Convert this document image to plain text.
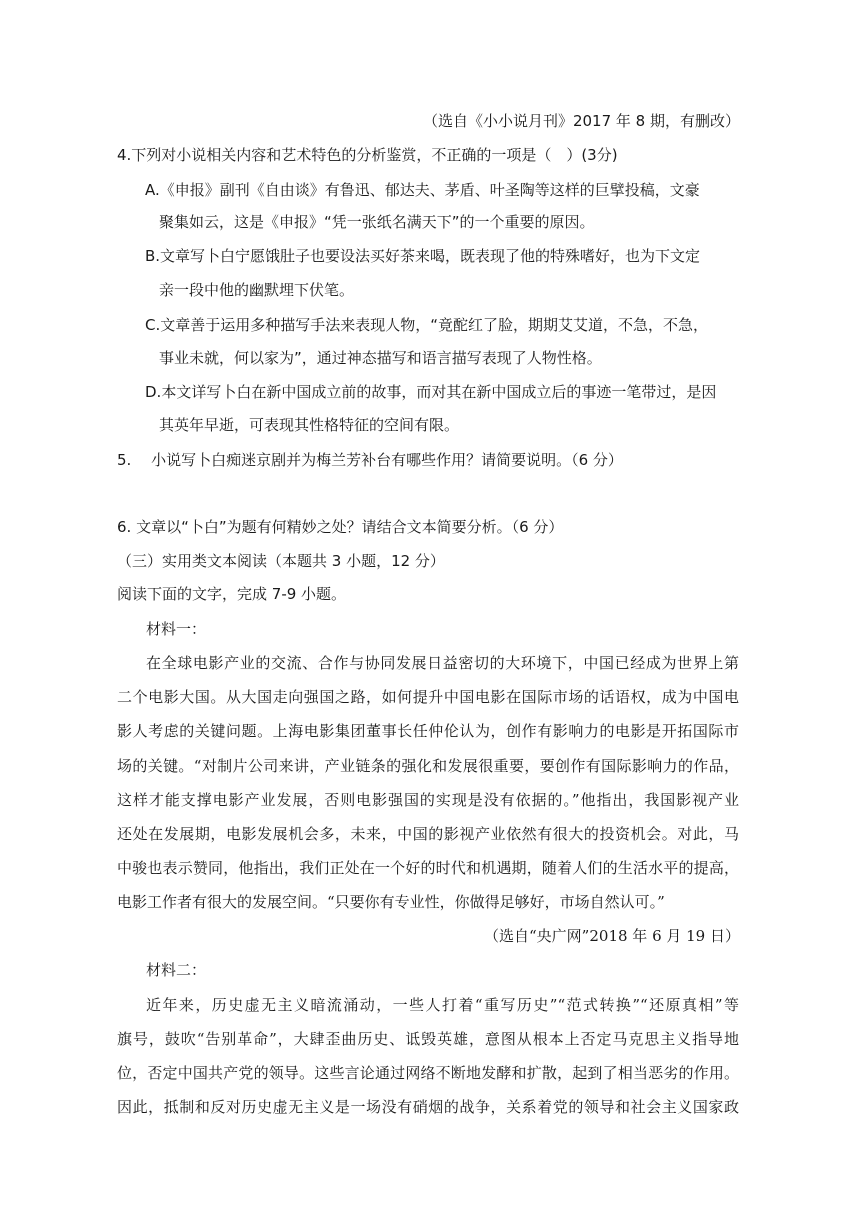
（选自《小小说月刊》2017 年 8 期，有删改）
4.下列对小说相关内容和艺术特色的分析鉴赏，不正确的一项是（　）(3分)
A.《申报》副刊《自由谈》有鲁迅、郁达夫、茅盾、叶圣陶等这样的巨擘投稿，文豪
聚集如云，这是《申报》“凭一张纸名满天下”的一个重要的原因。
B.文章写卜白宁愿饿肚子也要设法买好茶来喝，既表现了他的特殊嗜好，也为下文定
亲一段中他的幽默埋下伏笔。
C.文章善于运用多种描写手法来表现人物，“竟酡红了脸，期期艾艾道，不急，不急，
事业未就，何以家为”，通过神态描写和语言描写表现了人物性格。
D.本文详写卜白在新中国成立前的故事，而对其在新中国成立后的事迹一笔带过，是因
其英年早逝，可表现其性格特征的空间有限。
5.　 小说写卜白痴迷京剧并为梅兰芳补台有哪些作用？请简要说明。（6 分）
6. 文章以“卜白”为题有何精妙之处？请结合文本简要分析。（6 分）
（三）实用类文本阅读（本题共 3 小题，12 分）
阅读下面的文字，完成 7-9 小题。
材料一：
在全球电影产业的交流、合作与协同发展日益密切的大环境下，中国已经成为世界上第
二个电影大国。从大国走向强国之路，如何提升中国电影在国际市场的话语权，成为中国电
影人考虑的关键问题。上海电影集团董事长任仲伦认为，创作有影响力的电影是开拓国际市
场的关键。“对制片公司来讲，产业链条的强化和发展很重要，要创作有国际影响力的作品，
这样才能支撑电影产业发展，否则电影强国的实现是没有依据的。”他指出，我国影视产业
还处在发展期，电影发展机会多，未来，中国的影视产业依然有很大的投资机会。对此，马
中骏也表示赞同，他指出，我们正处在一个好的时代和机遇期，随着人们的生活水平的提高，
电影工作者有很大的发展空间。“只要你有专业性，你做得足够好，市场自然认可。”
（选自“央广网”2018 年 6 月 19 日）
材料二：
近年来，历史虚无主义暗流涌动，一些人打着“重写历史”“范式转换”“还原真相”等
旗号，鼓吹“告别革命”，大肆歪曲历史、诋毁英雄，意图从根本上否定马克思主义指导地
位，否定中国共产党的领导。这些言论通过网络不断地发酵和扩散，起到了相当恶劣的作用。
因此，抵制和反对历史虚无主义是一场没有硝烟的战争，关系着党的领导和社会主义国家政
